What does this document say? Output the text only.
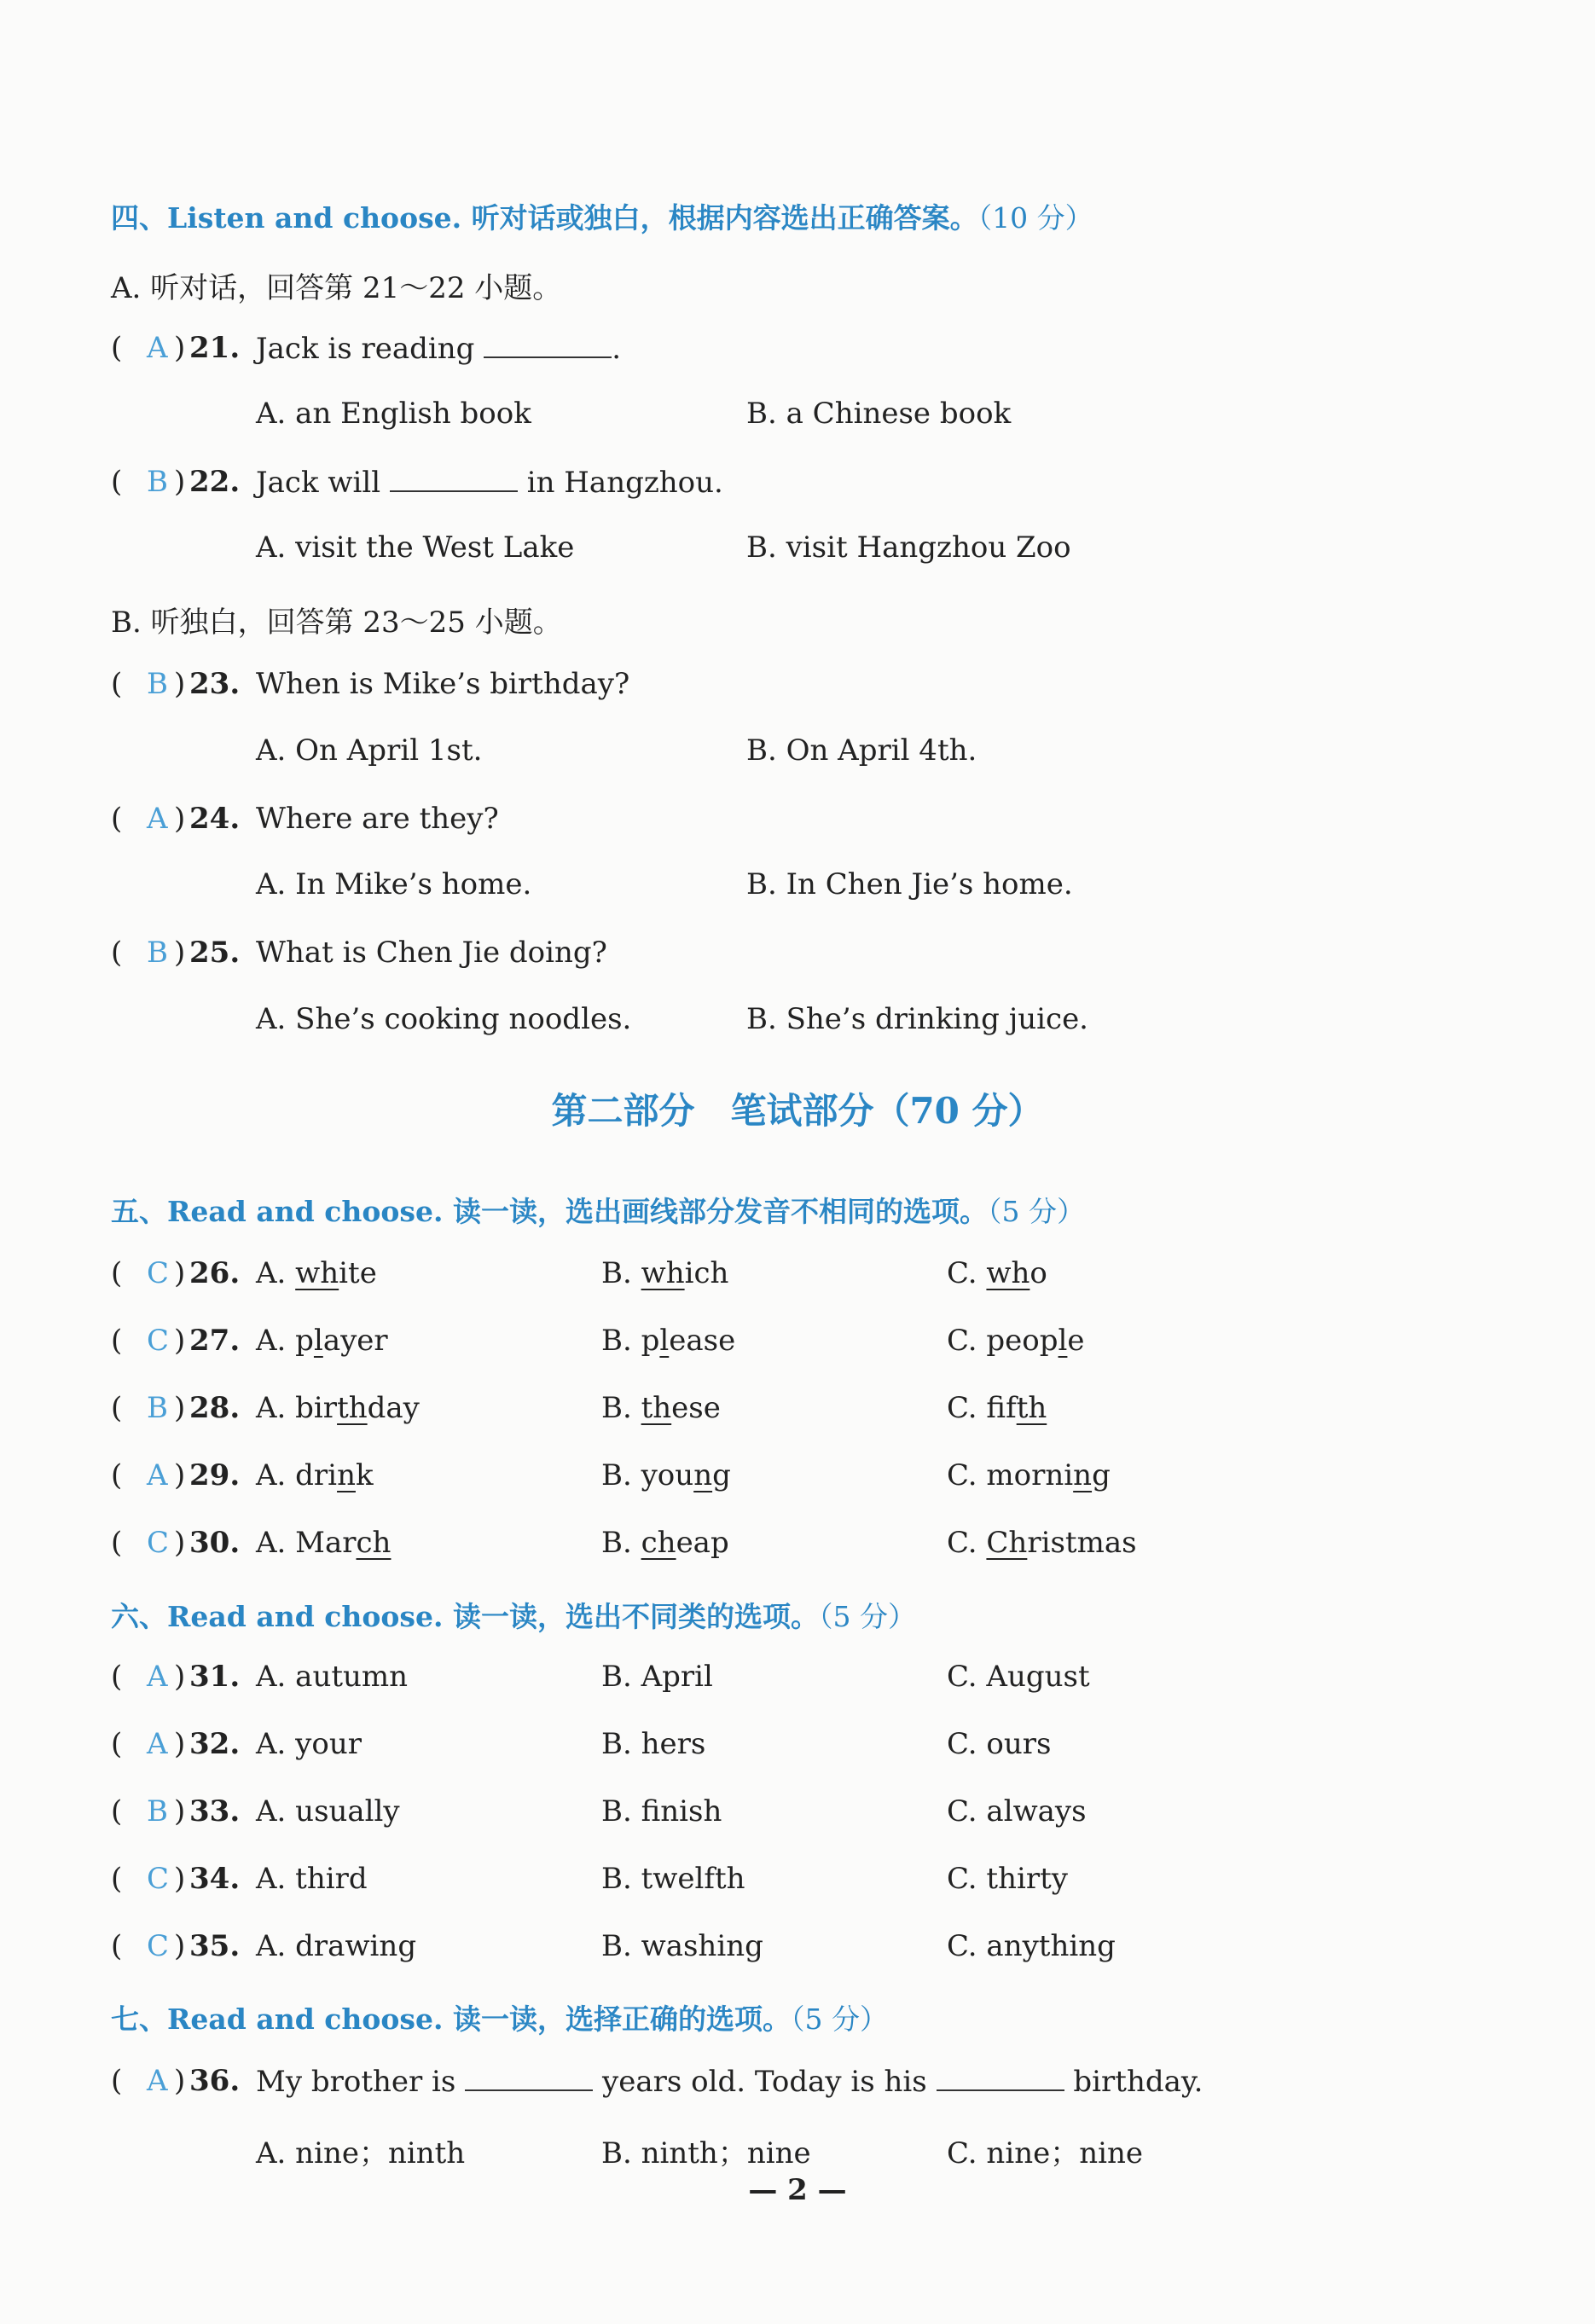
四、Listen and choose. 听对话或独白，根据内容选出正确答案。（10 分）
A. 听对话，回答第 21～22 小题。
( A ) 21. Jack is reading	.
A. an English book	B. a Chinese book
( B ) 22. Jack will	in Hangzhou.
A. visit the West Lake	B. visit Hangzhou Zoo
B. 听独白，回答第 23～25 小题。
( B ) 23. When is Mike’s birthday?
A. On April 1st.	B. On April 4th.
( A ) 24. Where are they?
A. In Mike’s home.	B. In Chen Jie’s home.
( B ) 25. What is Chen Jie doing?
A. She’s cooking noodles.	B. She’s drinking juice.
第二部分　笔试部分（70 分）
五、Read and choose. 读一读，选出画线部分发音不相同的选项。（5 分）
( C ) 26. A. white	B. which	C. who
( C ) 27. A. player	B. please	C. people
( B ) 28. A. birthday	B. these	C. fifth
( A ) 29. A. drink	B. young	C. morning
( C ) 30. A. March	B. cheap	C. Christmas
六、Read and choose. 读一读，选出不同类的选项。（5 分）
( A ) 31. A. autumn	B. April	C. August
( A ) 32. A. your	B. hers	C. ours
( B ) 33. A. usually	B. finish	C. always
( C ) 34. A. third	B. twelfth	C. thirty
( C ) 35. A. drawing	B. washing	C. anything
七、Read and choose. 读一读，选择正确的选项。（5 分）
( A ) 36. My brother is	years old. Today is his	birthday.
A. nine；ninth	B. ninth；nine	C. nine；nine
— 2 —
